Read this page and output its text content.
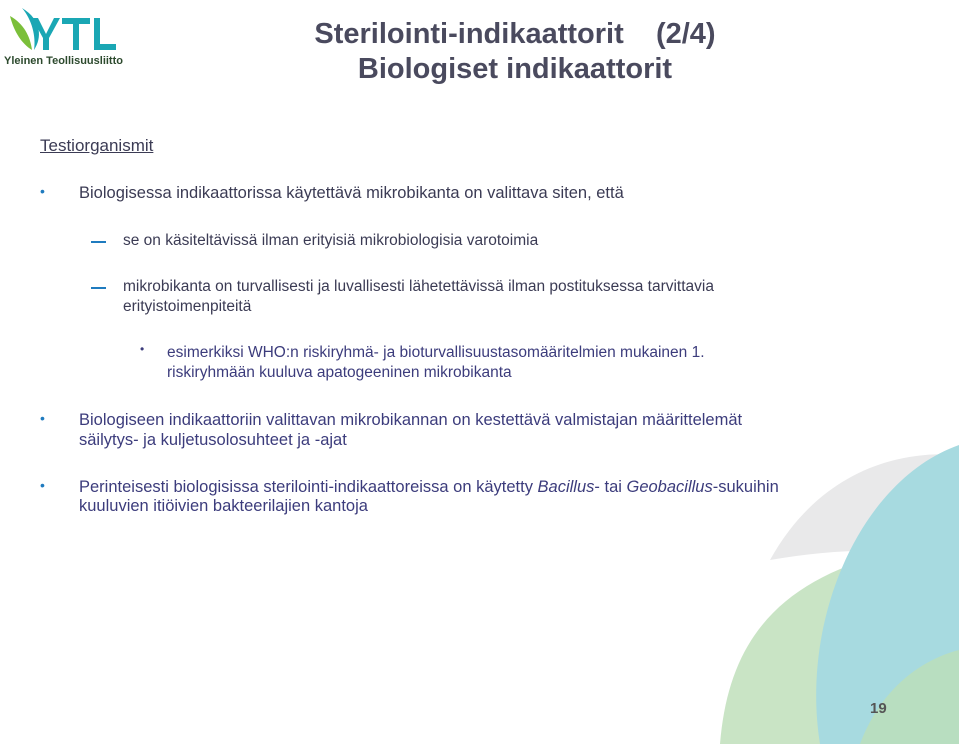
Yleinen Teollisuusliitto
Sterilointi-indikaattorit    (2/4)
Biologiset indikaattorit
Testiorganismit
• Biologisessa indikaattorissa käytettävä mikrobikanta on valittava siten, että
se on käsiteltävissä ilman erityisiä mikrobiologisia varotoimia
mikrobikanta on turvallisesti ja luvallisesti lähetettävissä ilman postituksessa tarvittavia
erityistoimenpiteitä
• esimerkiksi WHO:n riskiryhmä- ja bioturvallisuustasomääritelmien mukainen 1.
riskiryhmään kuuluva apatogeeninen mikrobikanta
• Biologiseen indikaattoriin valittavan mikrobikannan on kestettävä valmistajan määrittelemät
säilytys- ja kuljetusolosuhteet ja -ajat
• Perinteisesti biologisissa sterilointi-indikaattoreissa on käytetty Bacillus- tai Geobacillus-sukuihin
kuuluvien itiöivien bakteerilajien kantoja
19
